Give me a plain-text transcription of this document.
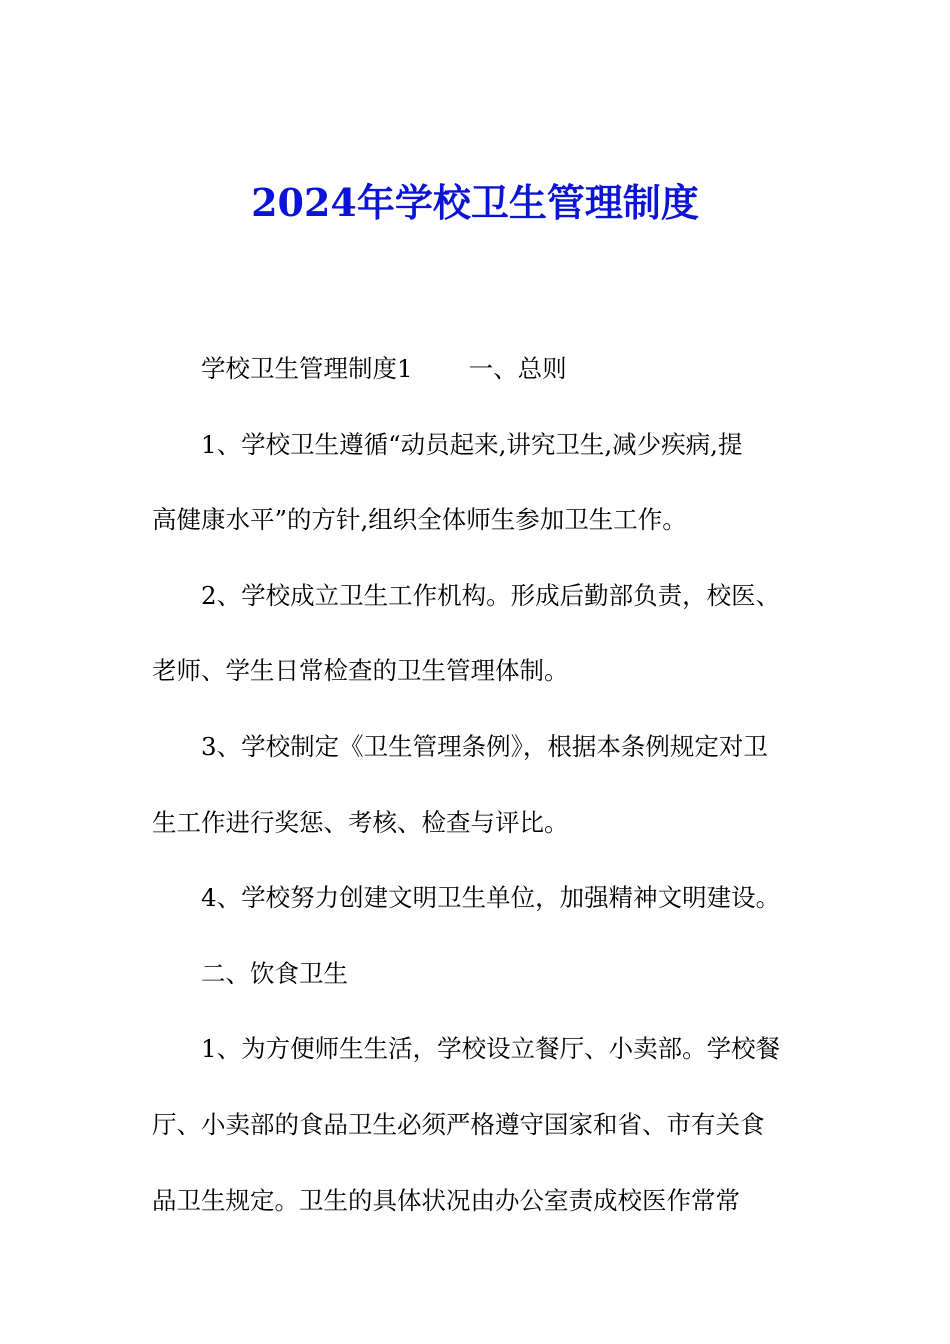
2024年学校卫生管理制度
学校卫生管理制度1 一、总则
1、学校卫生遵循“动员起来,讲究卫生,减少疾病,提
高健康水平”的方针,组织全体师生参加卫生工作。
2、学校成立卫生工作机构。形成后勤部负责，校医、
老师、学生日常检查的卫生管理体制。
3、学校制定《卫生管理条例》，根据本条例规定对卫
生工作进行奖惩、考核、检查与评比。
4、学校努力创建文明卫生单位，加强精神文明建设。
二、饮食卫生
1、为方便师生生活，学校设立餐厅、小卖部。学校餐
厅、小卖部的食品卫生必须严格遵守国家和省、市有关食
品卫生规定。卫生的具体状况由办公室责成校医作常常
